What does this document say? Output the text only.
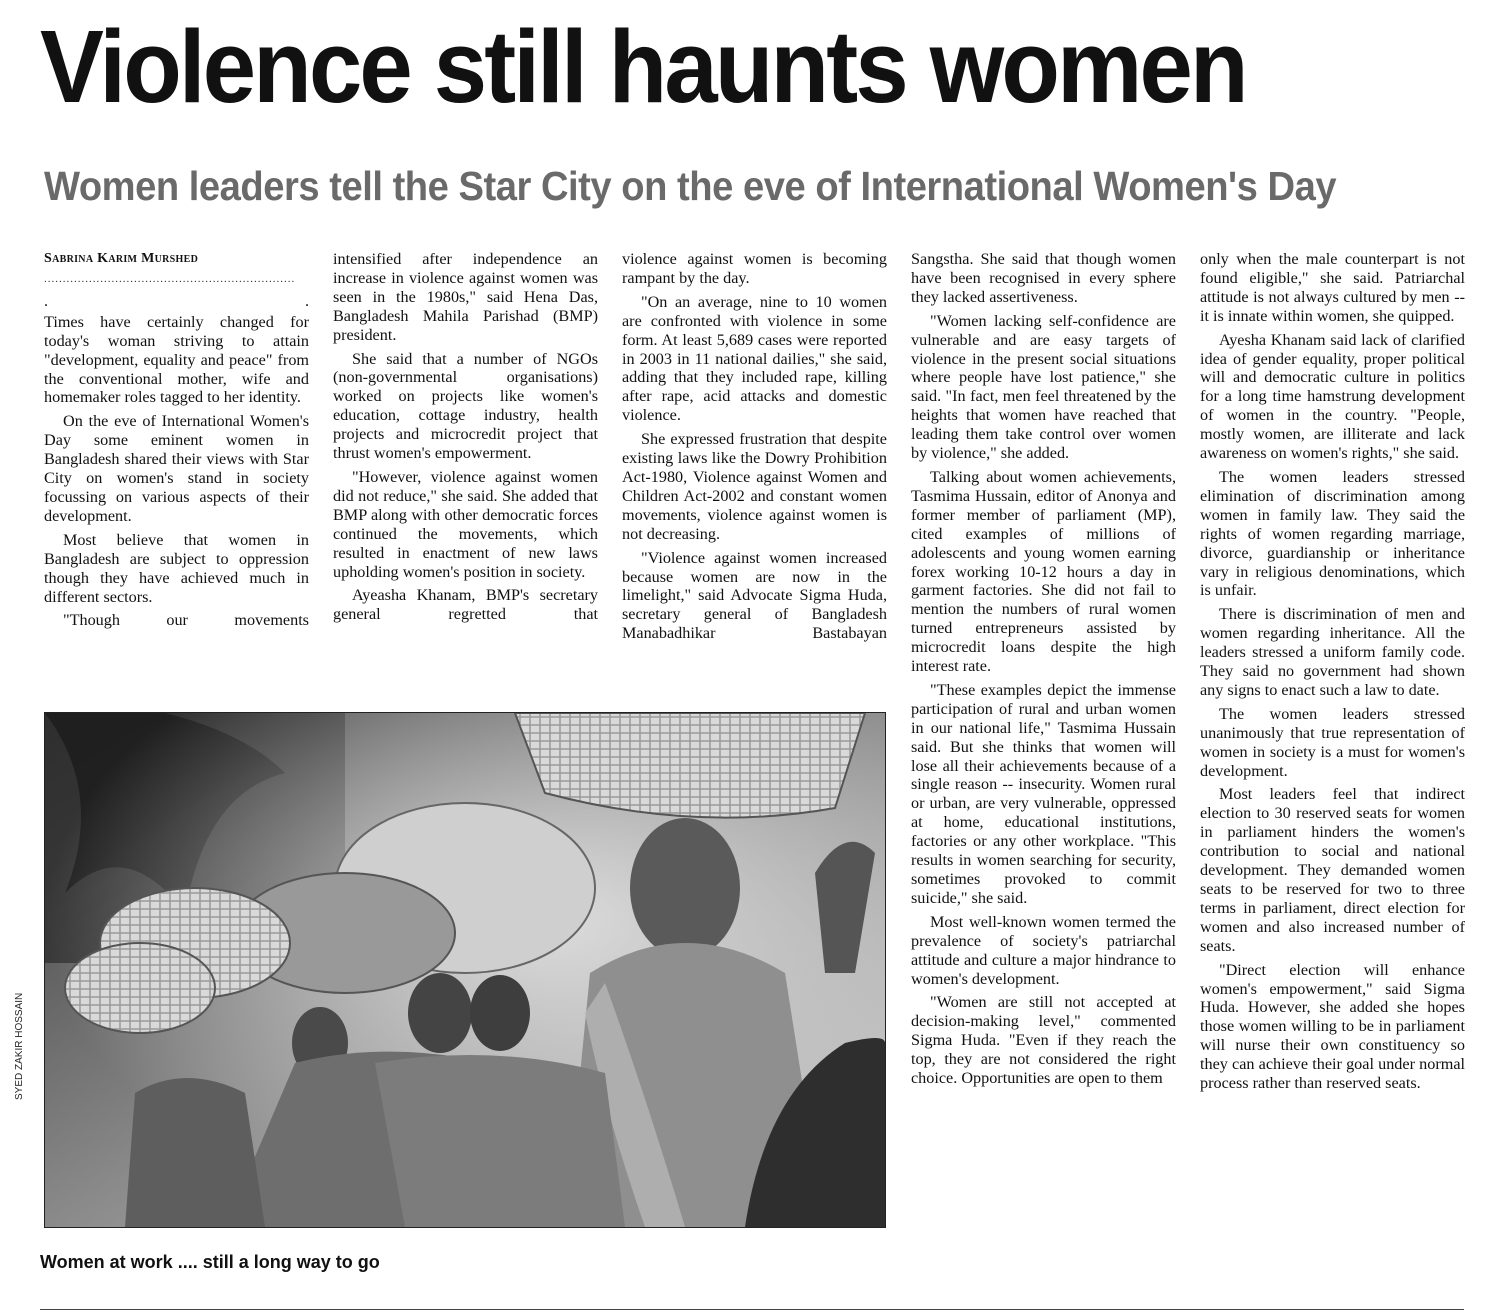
Violence still haunts women
Women leaders tell the Star City on the eve of International Women's Day
Sabrina Karim Murshed
...................................................................

. .

Times have certainly changed for today's woman striving to attain "development, equality and peace" from the conventional mother, wife and homemaker roles tagged to her identity.

On the eve of International Women's Day some eminent women in Bangladesh shared their views with Star City on women's stand in society focussing on various aspects of their development.

Most believe that women in Bangladesh are subject to oppression though they have achieved much in different sectors.

"Though our movements

intensified after independence an increase in violence against women was seen in the 1980s," said Hena Das, Bangladesh Mahila Parishad (BMP) president.

She said that a number of NGOs (non-governmental organisations) worked on projects like women's education, cottage industry, health projects and microcredit project that thrust women's empowerment.

"However, violence against women did not reduce," she said. She added that BMP along with other democratic forces continued the movements, which resulted in enactment of new laws upholding women's position in society.

Ayeasha Khanam, BMP's secretary general regretted that

violence against women is becoming rampant by the day.

"On an average, nine to 10 women are confronted with violence in some form. At least 5,689 cases were reported in 2003 in 11 national dailies," she said, adding that they included rape, killing after rape, acid attacks and domestic violence.

She expressed frustration that despite existing laws like the Dowry Prohibition Act-1980, Violence against Women and Children Act-2002 and constant women movements, violence against women is not decreasing.

"Violence against women increased because women are now in the limelight," said Advocate Sigma Huda, secretary general of Bangladesh Manabadhikar Bastabayan

Sangstha. She said that though women have been recognised in every sphere they lacked assertiveness.

"Women lacking self-confidence are vulnerable and are easy targets of violence in the present social situations where people have lost patience," she said. "In fact, men feel threatened by the heights that women have reached that leading them take control over women by violence," she added.

Talking about women achievements, Tasmima Hussain, editor of Anonya and former member of parliament (MP), cited examples of millions of adolescents and young women earning forex working 10-12 hours a day in garment factories. She did not fail to mention the numbers of rural women turned entrepreneurs assisted by microcredit loans despite the high interest rate.

"These examples depict the immense participation of rural and urban women in our national life," Tasmima Hussain said. But she thinks that women will lose all their achievements because of a single reason -- insecurity. Women rural or urban, are very vulnerable, oppressed at home, educational institutions, factories or any other workplace. "This results in women searching for security, sometimes provoked to commit suicide," she said.

Most well-known women termed the prevalence of society's patriarchal attitude and culture a major hindrance to women's development.

"Women are still not accepted at decision-making level," commented Sigma Huda. "Even if they reach the top, they are not considered the right choice. Opportunities are open to them

only when the male counterpart is not found eligible," she said. Patriarchal attitude is not always cultured by men -- it is innate within women, she quipped.

Ayesha Khanam said lack of clarified idea of gender equality, proper political will and democratic culture in politics for a long time hamstrung development of women in the country. "People, mostly women, are illiterate and lack awareness on women's rights," she said.

The women leaders stressed elimination of discrimination among women in family law. They said the rights of women regarding marriage, divorce, guardianship or inheritance vary in religious denominations, which is unfair.

There is discrimination of men and women regarding inheritance. All the leaders stressed a uniform family code. They said no government had shown any signs to enact such a law to date.

The women leaders stressed unanimously that true representation of women in society is a must for women's development.

Most leaders feel that indirect election to 30 reserved seats for women in parliament hinders the women's contribution to social and national development. They demanded women seats to be reserved for two to three terms in parliament, direct election for women and also increased number of seats.

"Direct election will enhance women's empowerment," said Sigma Huda. However, she added she hopes those women willing to be in parliament will nurse their own constituency so they can achieve their goal under normal process rather than reserved seats.

SYED ZAKIR HOSSAIN
Women at work .... still a long way to go
